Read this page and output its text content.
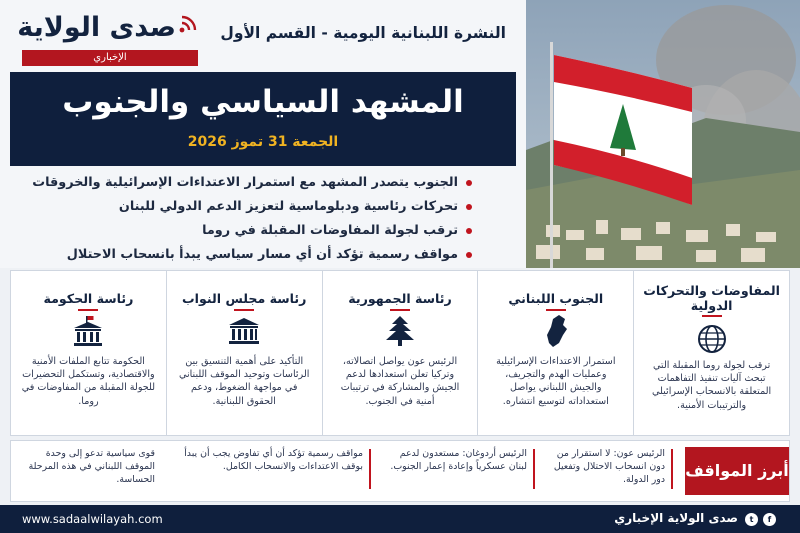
صدى الولاية
الإخباري
النشرة اللبنانية اليومية - القسم الأول
المشهد السياسي والجنوب
الجمعة 31 تموز 2026
الجنوب يتصدر المشهد مع استمرار الاعتداءات الإسرائيلية والخروقات
تحركات رئاسية ودبلوماسية لتعزيز الدعم الدولي للبنان
ترقب لجولة المفاوضات المقبلة في روما
مواقف رسمية تؤكد أن أي مسار سياسي يبدأ بانسحاب الاحتلال
المفاوضات والتحركات الدولية
ترقب لجولة روما المقبلة التي تبحث آليات تنفيذ التفاهمات المتعلقة بالانسحاب الإسرائيلي والترتيبات الأمنية.
الجنوب اللبناني
استمرار الاعتداءات الإسرائيلية وعمليات الهدم والتجريف، والجيش اللبناني يواصل استعداداته لتوسيع انتشاره.
رئاسة الجمهورية
الرئيس عون يواصل اتصالاته، وتركيا تعلن استعدادها لدعم الجيش والمشاركة في ترتيبات أمنية في الجنوب.
رئاسة مجلس النواب
التأكيد على أهمية التنسيق بين الرئاسات وتوحيد الموقف اللبناني في مواجهة الضغوط، ودعم الحقوق اللبنانية.
رئاسة الحكومة
الحكومة تتابع الملفات الأمنية والاقتصادية، وتستكمل التحضيرات للجولة المقبلة من المفاوضات في روما.
أبرز المواقف
الرئيس عون: لا استقرار من دون انسحاب الاحتلال وتفعيل دور الدولة.
الرئيس أردوغان: مستعدون لدعم لبنان عسكرياً وإعادة إعمار الجنوب.
مواقف رسمية تؤكد أن أي تفاوض يجب أن يبدأ بوقف الاعتداءات والانسحاب الكامل.
قوى سياسية تدعو إلى وحدة الموقف اللبناني في هذه المرحلة الحساسة.
www.sadaalwilayah.com	صدى الولاية الإخباري	t	f
